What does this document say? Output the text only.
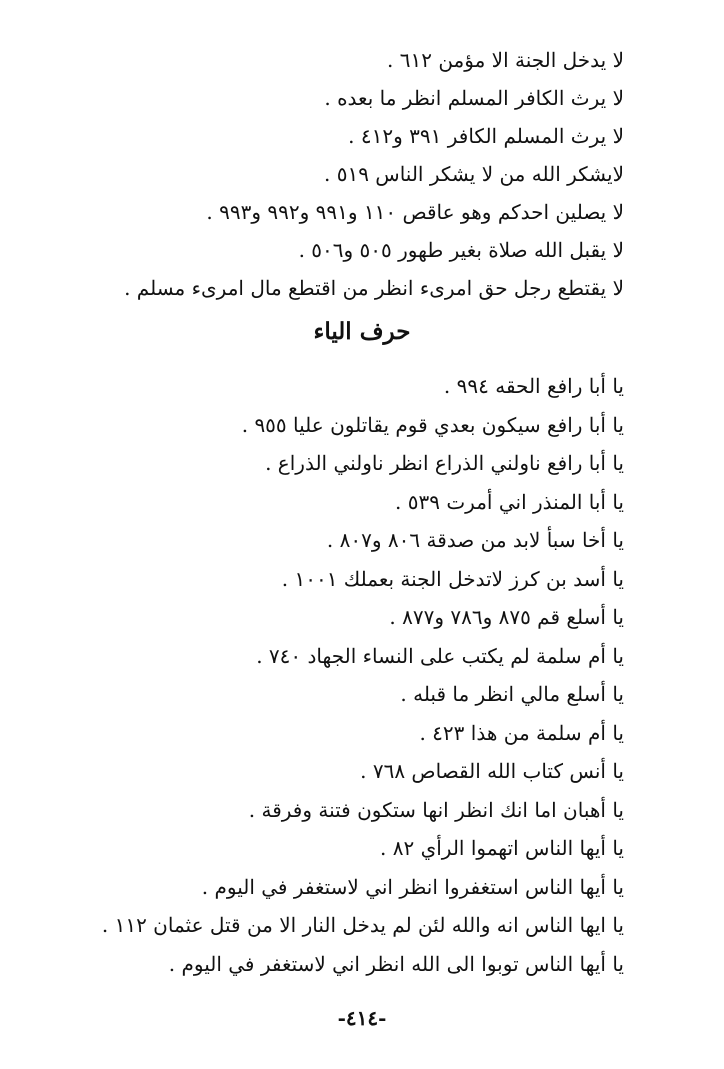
لا يدخل الجنة الا مؤمن ٦١٢ .
لا يرث الكافر المسلم انظر ما بعده .
لا يرث المسلم الكافر ٣٩١ و٤١٢ .
لايشكر الله من لا يشكر الناس ٥١٩ .
لا يصلين احدكم وهو عاقص ١١٠ و٩٩١ و٩٩٢ و٩٩٣ .
لا يقبل الله صلاة بغير طهور ٥٠٥ و٥٠٦ .
لا يقتطع رجل حق امرىء انظر من اقتطع مال امرىء مسلم .
حرف الياء
يا أبا رافع الحقه ٩٩٤ .
يا أبا رافع سيكون بعدي قوم يقاتلون عليا ٩٥٥ .
يا أبا رافع ناولني الذراع انظر ناولني الذراع .
يا أبا المنذر اني أمرت ٥٣٩ .
يا أخا سبأ لابد من صدقة ٨٠٦ و٨٠٧ .
يا أسد بن كرز لاتدخل الجنة بعملك ١٠٠١ .
يا أسلع قم ٨٧٥ و٧٨٦ و٨٧٧ .
يا أم سلمة لم يكتب على النساء الجهاد ٧٤٠ .
يا أسلع مالي انظر ما قبله .
يا أم سلمة من هذا ٤٢٣ .
يا أنس كتاب الله القصاص ٧٦٨ .
يا أهبان اما انك انظر انها ستكون فتنة وفرقة .
يا أيها الناس اتهموا الرأي ٨٢ .
يا أيها الناس استغفروا انظر اني لاستغفر في اليوم .
يا ايها الناس انه والله لئن لم يدخل النار الا من قتل عثمان ١١٢ .
يا أيها الناس توبوا الى الله انظر اني لاستغفر في اليوم .
-٤١٤-
